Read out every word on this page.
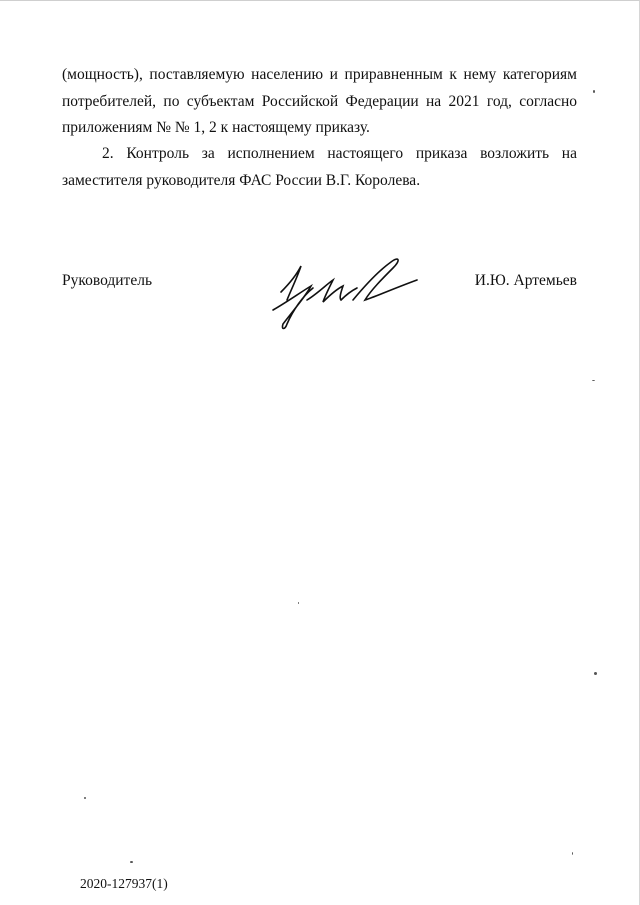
(мощность), поставляемую населению и приравненным к нему категориям
потребителей, по субъектам Российской Федерации на 2021 год, согласно
приложениям № № 1, 2 к настоящему приказу.
2. Контроль за исполнением настоящего приказа возложить на
заместителя руководителя ФАС России В.Г. Королева.
Руководитель	И.Ю. Артемьев
2020-127937(1)
